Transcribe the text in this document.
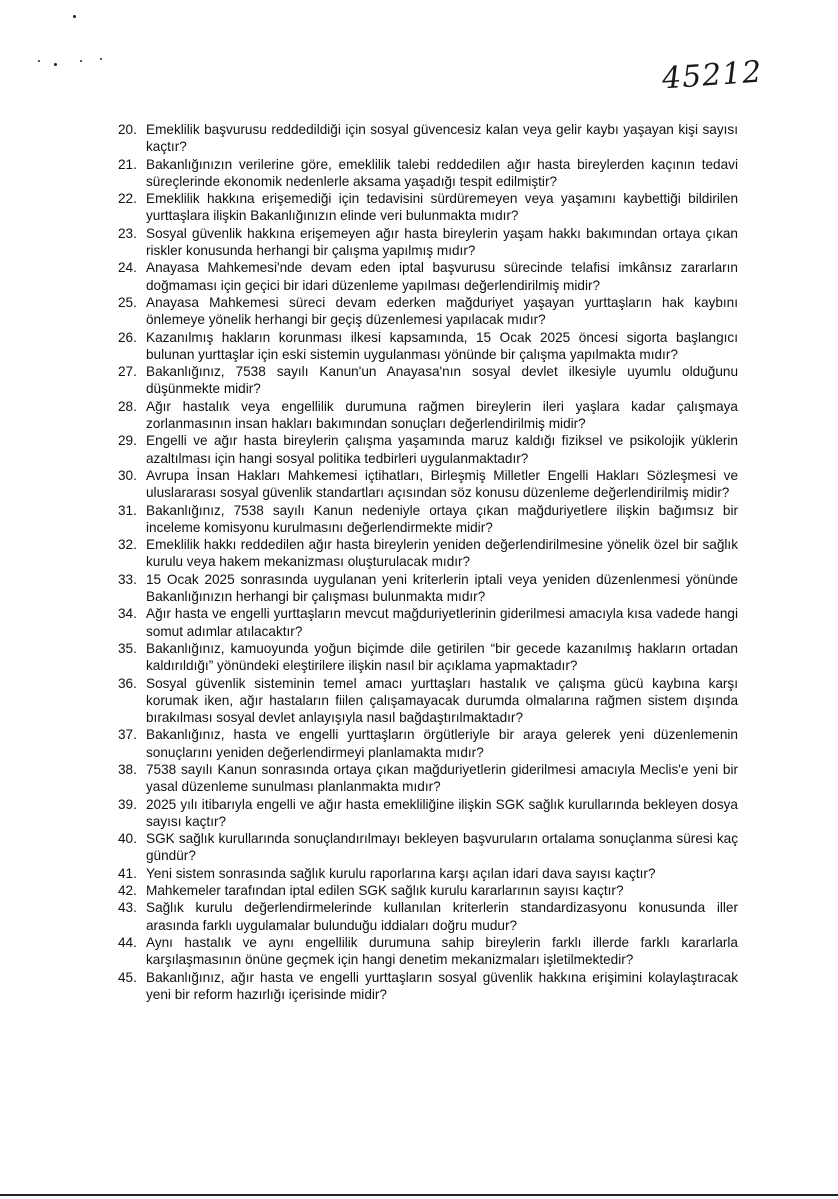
45212
20. Emeklilik başvurusu reddedildiği için sosyal güvencesiz kalan veya gelir kaybı yaşayan kişi sayısı kaçtır?
21. Bakanlığınızın verilerine göre, emeklilik talebi reddedilen ağır hasta bireylerden kaçının tedavi süreçlerinde ekonomik nedenlerle aksama yaşadığı tespit edilmiştir?
22. Emeklilik hakkına erişemediği için tedavisini sürdüremeyen veya yaşamını kaybettiği bildirilen yurttaşlara ilişkin Bakanlığınızın elinde veri bulunmakta mıdır?
23. Sosyal güvenlik hakkına erişemeyen ağır hasta bireylerin yaşam hakkı bakımından ortaya çıkan riskler konusunda herhangi bir çalışma yapılmış mıdır?
24. Anayasa Mahkemesi'nde devam eden iptal başvurusu sürecinde telafisi imkânsız zararların doğmaması için geçici bir idari düzenleme yapılması değerlendirilmiş midir?
25. Anayasa Mahkemesi süreci devam ederken mağduriyet yaşayan yurttaşların hak kaybını önlemeye yönelik herhangi bir geçiş düzenlemesi yapılacak mıdır?
26. Kazanılmış hakların korunması ilkesi kapsamında, 15 Ocak 2025 öncesi sigorta başlangıcı bulunan yurttaşlar için eski sistemin uygulanması yönünde bir çalışma yapılmakta mıdır?
27. Bakanlığınız, 7538 sayılı Kanun'un Anayasa'nın sosyal devlet ilkesiyle uyumlu olduğunu düşünmekte midir?
28. Ağır hastalık veya engellilik durumuna rağmen bireylerin ileri yaşlara kadar çalışmaya zorlanmasının insan hakları bakımından sonuçları değerlendirilmiş midir?
29. Engelli ve ağır hasta bireylerin çalışma yaşamında maruz kaldığı fiziksel ve psikolojik yüklerin azaltılması için hangi sosyal politika tedbirleri uygulanmaktadır?
30. Avrupa İnsan Hakları Mahkemesi içtihatları, Birleşmiş Milletler Engelli Hakları Sözleşmesi ve uluslararası sosyal güvenlik standartları açısından söz konusu düzenleme değerlendirilmiş midir?
31. Bakanlığınız, 7538 sayılı Kanun nedeniyle ortaya çıkan mağduriyetlere ilişkin bağımsız bir inceleme komisyonu kurulmasını değerlendirmekte midir?
32. Emeklilik hakkı reddedilen ağır hasta bireylerin yeniden değerlendirilmesine yönelik özel bir sağlık kurulu veya hakem mekanizması oluşturulacak mıdır?
33. 15 Ocak 2025 sonrasında uygulanan yeni kriterlerin iptali veya yeniden düzenlenmesi yönünde Bakanlığınızın herhangi bir çalışması bulunmakta mıdır?
34. Ağır hasta ve engelli yurttaşların mevcut mağduriyetlerinin giderilmesi amacıyla kısa vadede hangi somut adımlar atılacaktır?
35. Bakanlığınız, kamuoyunda yoğun biçimde dile getirilen “bir gecede kazanılmış hakların ortadan kaldırıldığı” yönündeki eleştirilere ilişkin nasıl bir açıklama yapmaktadır?
36. Sosyal güvenlik sisteminin temel amacı yurttaşları hastalık ve çalışma gücü kaybına karşı korumak iken, ağır hastaların fiilen çalışamayacak durumda olmalarına rağmen sistem dışında bırakılması sosyal devlet anlayışıyla nasıl bağdaştırılmaktadır?
37. Bakanlığınız, hasta ve engelli yurttaşların örgütleriyle bir araya gelerek yeni düzenlemenin sonuçlarını yeniden değerlendirmeyi planlamakta mıdır?
38. 7538 sayılı Kanun sonrasında ortaya çıkan mağduriyetlerin giderilmesi amacıyla Meclis'e yeni bir yasal düzenleme sunulması planlanmakta mıdır?
39. 2025 yılı itibarıyla engelli ve ağır hasta emekliliğine ilişkin SGK sağlık kurullarında bekleyen dosya sayısı kaçtır?
40. SGK sağlık kurullarında sonuçlandırılmayı bekleyen başvuruların ortalama sonuçlanma süresi kaç gündür?
41. Yeni sistem sonrasında sağlık kurulu raporlarına karşı açılan idari dava sayısı kaçtır?
42. Mahkemeler tarafından iptal edilen SGK sağlık kurulu kararlarının sayısı kaçtır?
43. Sağlık kurulu değerlendirmelerinde kullanılan kriterlerin standardizasyonu konusunda iller arasında farklı uygulamalar bulunduğu iddiaları doğru mudur?
44. Aynı hastalık ve aynı engellilik durumuna sahip bireylerin farklı illerde farklı kararlarla karşılaşmasının önüne geçmek için hangi denetim mekanizmaları işletilmektedir?
45. Bakanlığınız, ağır hasta ve engelli yurttaşların sosyal güvenlik hakkına erişimini kolaylaştıracak yeni bir reform hazırlığı içerisinde midir?
